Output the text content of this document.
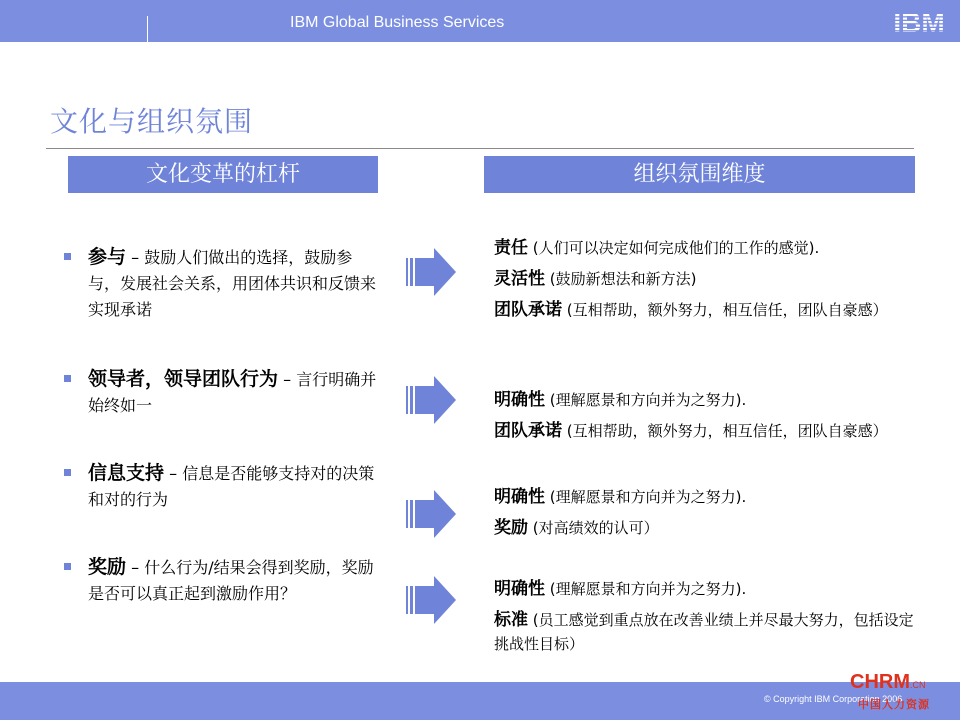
IBM Global Business Services	IBM
文化与组织氛围
文化变革的杠杆	组织氛围维度
参与 – 鼓励人们做出的选择，鼓励参与，发展社会关系，用团体共识和反馈来实现承诺
领导者，领导团队行为 – 言行明确并始终如一
信息支持 – 信息是否能够支持对的决策和对的行为
奖励 – 什么行为/结果会得到奖励，奖励是否可以真正起到激励作用？
责任 (人们可以决定如何完成他们的工作的感觉).
灵活性 (鼓励新想法和新方法)
团队承诺 (互相帮助，额外努力，相互信任，团队自豪感）
明确性 (理解愿景和方向并为之努力).
团队承诺 (互相帮助，额外努力，相互信任，团队自豪感）
明确性 (理解愿景和方向并为之努力).
奖励 (对高绩效的认可）
明确性 (理解愿景和方向并为之努力).
标准 (员工感觉到重点放在改善业绩上并尽最大努力，包括设定挑战性目标）
© Copyright IBM Corporation 2006
CHRM.CN
中国人力资源
